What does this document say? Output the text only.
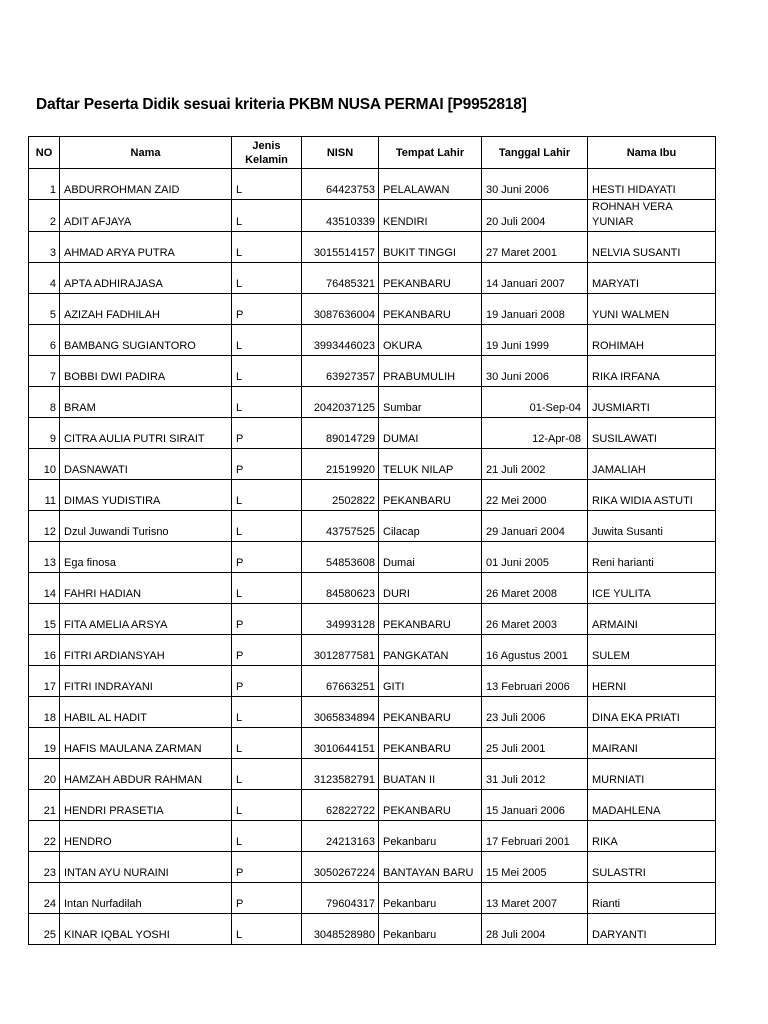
Daftar Peserta Didik sesuai kriteria PKBM NUSA PERMAI [P9952818]
NO	Nama	Jenis Kelamin	NISN	Tempat Lahir	Tanggal Lahir	Nama Ibu
1	ABDURROHMAN ZAID	L	64423753	PELALAWAN	30 Juni 2006	HESTI HIDAYATI
2	ADIT AFJAYA	L	43510339	KENDIRI	20 Juli 2004	ROHNAH VERA YUNIAR
3	AHMAD ARYA PUTRA	L	3015514157	BUKIT TINGGI	27 Maret 2001	NELVIA SUSANTI
4	APTA ADHIRAJASA	L	76485321	PEKANBARU	14 Januari 2007	MARYATI
5	AZIZAH FADHILAH	P	3087636004	PEKANBARU	19 Januari 2008	YUNI WALMEN
6	BAMBANG SUGIANTORO	L	3993446023	OKURA	19 Juni 1999	ROHIMAH
7	BOBBI DWI PADIRA	L	63927357	PRABUMULIH	30 Juni 2006	RIKA IRFANA
8	BRAM	L	2042037125	Sumbar	01-Sep-04	JUSMIARTI
9	CITRA AULIA PUTRI SIRAIT	P	89014729	DUMAI	12-Apr-08	SUSILAWATI
10	DASNAWATI	P	21519920	TELUK NILAP	21 Juli 2002	JAMALIAH
11	DIMAS YUDISTIRA	L	2502822	PEKANBARU	22 Mei 2000	RIKA WIDIA ASTUTI
12	Dzul Juwandi Turisno	L	43757525	Cilacap	29 Januari 2004	Juwita Susanti
13	Ega finosa	P	54853608	Dumai	01 Juni 2005	Reni harianti
14	FAHRI HADIAN	L	84580623	DURI	26 Maret 2008	ICE YULITA
15	FITA AMELIA ARSYA	P	34993128	PEKANBARU	26 Maret 2003	ARMAINI
16	FITRI ARDIANSYAH	P	3012877581	PANGKATAN	16 Agustus 2001	SULEM
17	FITRI INDRAYANI	P	67663251	GITI	13 Februari 2006	HERNI
18	HABIL AL HADIT	L	3065834894	PEKANBARU	23 Juli 2006	DINA EKA PRIATI
19	HAFIS MAULANA ZARMAN	L	3010644151	PEKANBARU	25 Juli 2001	MAIRANI
20	HAMZAH ABDUR RAHMAN	L	3123582791	BUATAN II	31 Juli 2012	MURNIATI
21	HENDRI PRASETIA	L	62822722	PEKANBARU	15 Januari 2006	MADAHLENA
22	HENDRO	L	24213163	Pekanbaru	17 Februari 2001	RIKA
23	INTAN AYU NURAINI	P	3050267224	BANTAYAN BARU	15 Mei 2005	SULASTRI
24	Intan Nurfadilah	P	79604317	Pekanbaru	13 Maret 2007	Rianti
25	KINAR IQBAL YOSHI	L	3048528980	Pekanbaru	28 Juli 2004	DARYANTI
